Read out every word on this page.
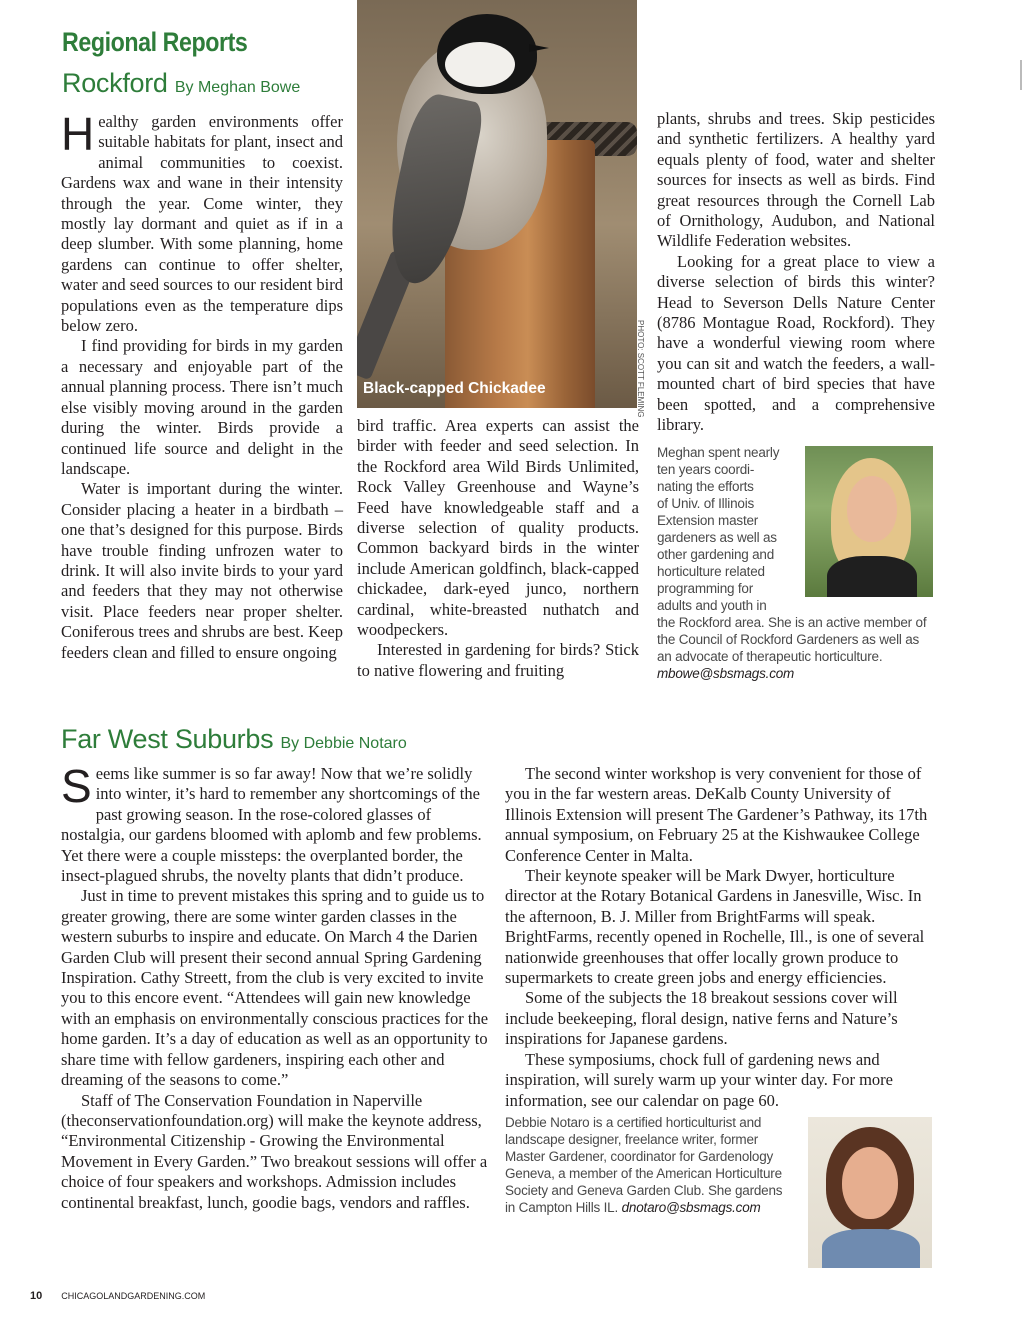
Regional Reports
Rockford By Meghan Bowe

H ealthy garden environments offer suitable habitats for plant, insect and animal communities to coexist. Gardens wax and wane in their intensity through the year. Come winter, they mostly lay dormant and quiet as if in a deep slumber. With some planning, home gardens can continue to offer shelter, water and seed sources to our resident bird populations even as the temperature dips below zero.

I find providing for birds in my garden a necessary and enjoyable part of the annual planning process. There isn’t much else visibly moving around in the garden during the winter. Birds provide a continued life source and delight in the landscape.

Water is important during the winter. Consider placing a heater in a birdbath – one that’s designed for this purpose. Birds have trouble finding unfrozen water to drink. It will also invite birds to your yard and feeders that they may not otherwise visit. Place feeders near proper shelter. Coniferous trees and shrubs are best. Keep feeders clean and filled to ensure ongoing

Black-capped Chickadee	PHOTO: SCOTT FLEMING

bird traffic. Area experts can assist the birder with feeder and seed selection. In the Rockford area Wild Birds Unlimited, Rock Valley Greenhouse and Wayne’s Feed have knowledgeable staff and a diverse selection of quality products. Common backyard birds in the winter include American goldfinch, black-capped chickadee, dark-eyed junco, northern cardinal, white-breasted nuthatch and woodpeckers.

Interested in gardening for birds? Stick to native flowering and fruiting

plants, shrubs and trees. Skip pesticides and synthetic fertilizers. A healthy yard equals plenty of food, water and shelter sources for insects as well as birds. Find great resources through the Cornell Lab of Ornithology, Audubon, and National Wildlife Federation websites.

Looking for a great place to view a diverse selection of birds this winter? Head to Severson Dells Nature Center (8786 Montague Road, Rockford). They have a wonderful viewing room where you can sit and watch the feeders, a wall-mounted chart of bird species that have been spotted, and a comprehensive library.

Meghan spent nearly
ten years coordi-
nating the efforts
of Univ. of Illinois
Extension master
gardeners as well as
other gardening and
horticulture related
programming for
adults and youth in
the Rockford area. She is an active member of the Council of Rockford Gardeners as well as an advocate of therapeutic horticulture.
mbowe@sbsmags.com
Far West Suburbs By Debbie Notaro

S eems like summer is so far away! Now that we’re solidly into winter, it’s hard to remember any shortcomings of the past growing season. In the rose-colored glasses of nostalgia, our gardens bloomed with aplomb and few problems. Yet there were a couple missteps: the overplanted border, the insect-plagued shrubs, the novelty plants that didn’t produce.

Just in time to prevent mistakes this spring and to guide us to greater growing, there are some winter garden classes in the western suburbs to inspire and educate. On March 4 the Darien Garden Club will present their second annual Spring Gardening Inspiration. Cathy Streett, from the club is very excited to invite you to this encore event. “Attendees will gain new knowledge with an emphasis on environmentally conscious practices for the home garden. It’s a day of education as well as an opportunity to share time with fellow gardeners, inspiring each other and dreaming of the seasons to come.”

Staff of The Conservation Foundation in Naperville (theconservationfoundation.org) will make the keynote address, “Environmental Citizenship - Growing the Environmental Movement in Every Garden.” Two breakout sessions will offer a choice of four speakers and workshops. Admission includes continental breakfast, lunch, goodie bags, vendors and raffles.

The second winter workshop is very convenient for those of you in the far western areas. DeKalb County University of Illinois Extension will present The Gardener’s Pathway, its 17th annual symposium, on February 25 at the Kishwaukee College Conference Center in Malta.

Their keynote speaker will be Mark Dwyer, horticulture director at the Rotary Botanical Gardens in Janesville, Wisc. In the afternoon, B. J. Miller from BrightFarms will speak. BrightFarms, recently opened in Rochelle, Ill., is one of several nationwide greenhouses that offer locally grown produce to supermarkets to create green jobs and energy efficiencies.

Some of the subjects the 18 breakout sessions cover will include beekeeping, floral design, native ferns and Nature’s inspirations for Japanese gardens.

These symposiums, chock full of gardening news and inspiration, will surely warm up your winter day. For more information, see our calendar on page 60.

Debbie Notaro is a certified horticulturist and
landscape designer, freelance writer, former
Master Gardener, coordinator for Gardenology
Geneva, a member of the American Horticulture
Society and Geneva Garden Club. She gardens
in Campton Hills IL. dnotaro@sbsmags.com
10 CHICAGOLANDGARDENING.COM
